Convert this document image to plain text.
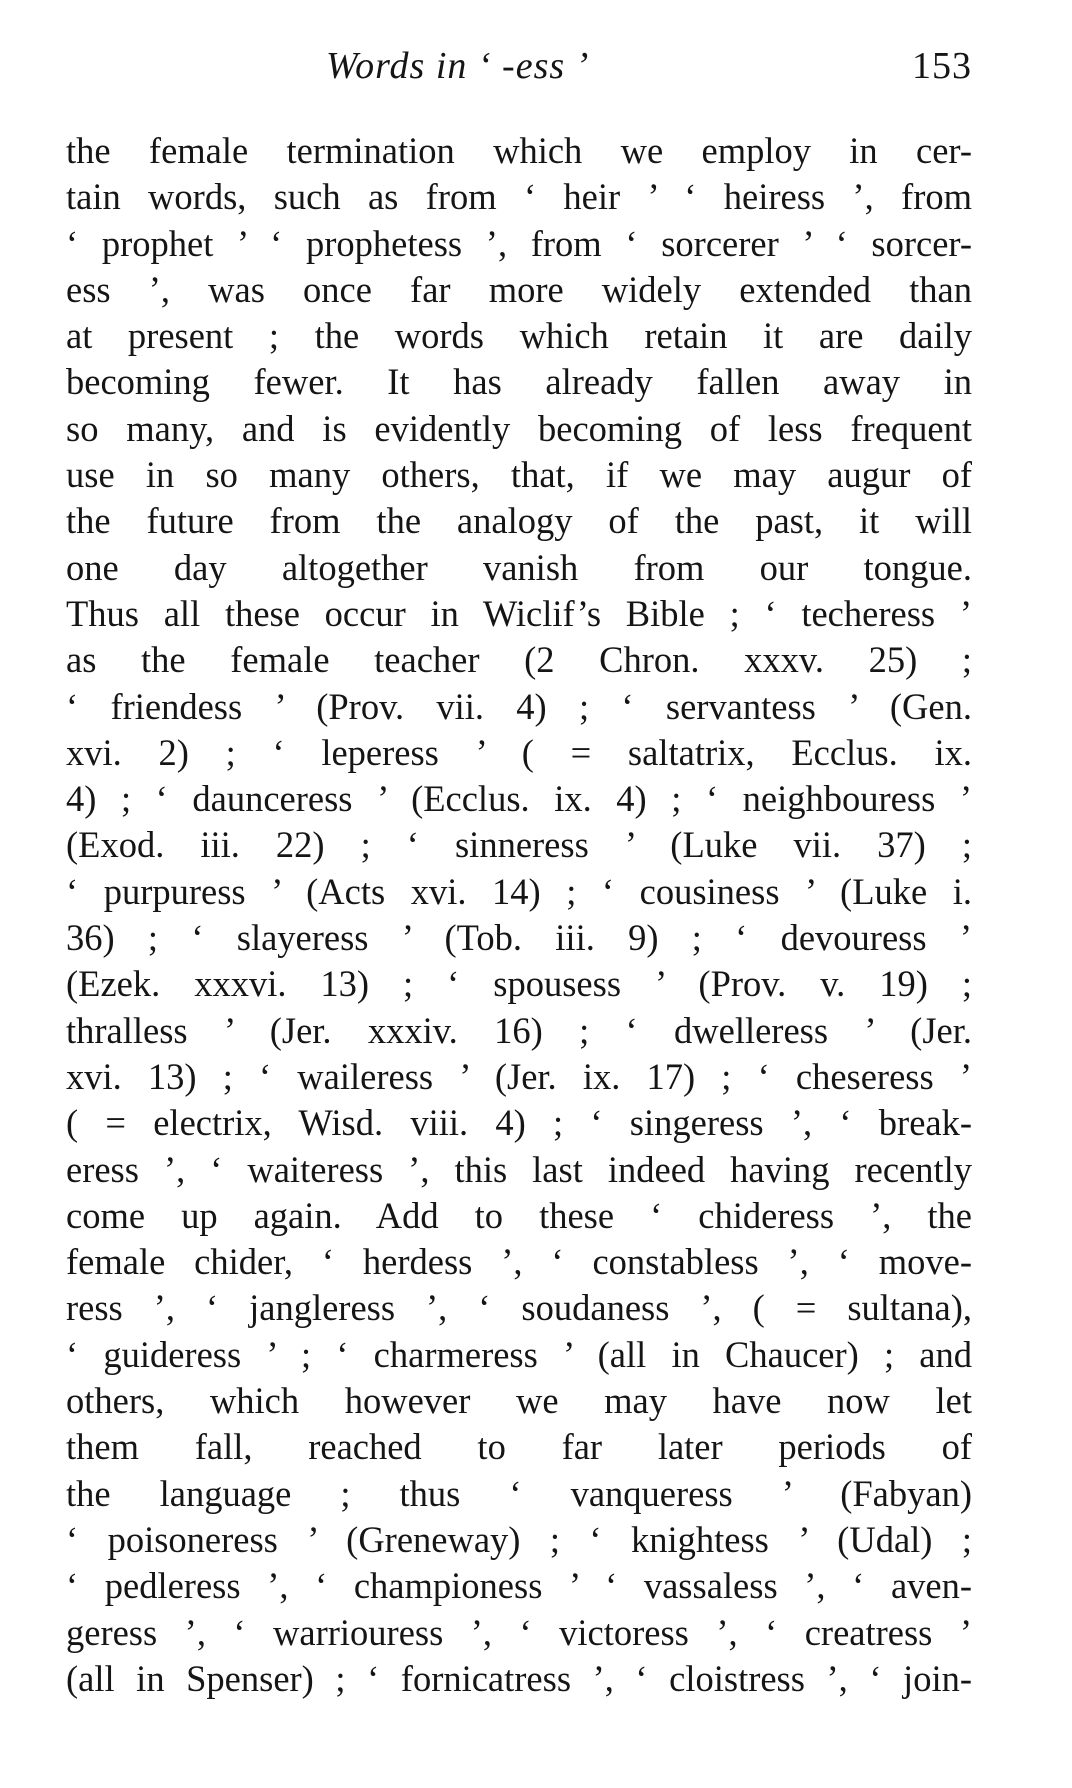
Words in ‘ -ess ’	153
the female termination which we employ in cer-
tain words, such as from ‘ heir ’ ‘ heiress ’, from
‘ prophet ’ ‘ prophetess ’, from ‘ sorcerer ’ ‘ sorcer-
ess ’, was once far more widely extended than
at present ; the words which retain it are daily
becoming fewer. It has already fallen away in
so many, and is evidently becoming of less frequent
use in so many others, that, if we may augur of
the future from the analogy of the past, it will
one day altogether vanish from our tongue.
Thus all these occur in Wiclif’s Bible ; ‘ techeress ’
as the female teacher (2 Chron. xxxv. 25) ;
‘ friendess ’ (Prov. vii. 4) ; ‘ servantess ’ (Gen.
xvi. 2) ; ‘ leperess ’ ( = saltatrix, Ecclus. ix.
4) ; ‘ daunceress ’ (Ecclus. ix. 4) ; ‘ neighbouress ’
(Exod. iii. 22) ; ‘ sinneress ’ (Luke vii. 37) ;
‘ purpuress ’ (Acts xvi. 14) ; ‘ cousiness ’ (Luke i.
36) ; ‘ slayeress ’ (Tob. iii. 9) ; ‘ devouress ’
(Ezek. xxxvi. 13) ; ‘ spousess ’ (Prov. v. 19) ;
thralless ’ (Jer. xxxiv. 16) ; ‘ dwelleress ’ (Jer.
xvi. 13) ; ‘ waileress ’ (Jer. ix. 17) ; ‘ cheseress ’
( = electrix, Wisd. viii. 4) ; ‘ singeress ’, ‘ break-
eress ’, ‘ waiteress ’, this last indeed having recently
come up again. Add to these ‘ chideress ’, the
female chider, ‘ herdess ’, ‘ constabless ’, ‘ move-
ress ’, ‘ jangleress ’, ‘ soudaness ’, ( = sultana),
‘ guideress ’ ; ‘ charmeress ’ (all in Chaucer) ; and
others, which however we may have now let
them fall, reached to far later periods of
the language ; thus ‘ vanqueress ’ (Fabyan)
‘ poisoneress ’ (Greneway) ; ‘ knightess ’ (Udal) ;
‘ pedleress ’, ‘ championess ’ ‘ vassaless ’, ‘ aven-
geress ’, ‘ warriouress ’, ‘ victoress ’, ‘ creatress ’
(all in Spenser) ; ‘ fornicatress ’, ‘ cloistress ’, ‘ join-
